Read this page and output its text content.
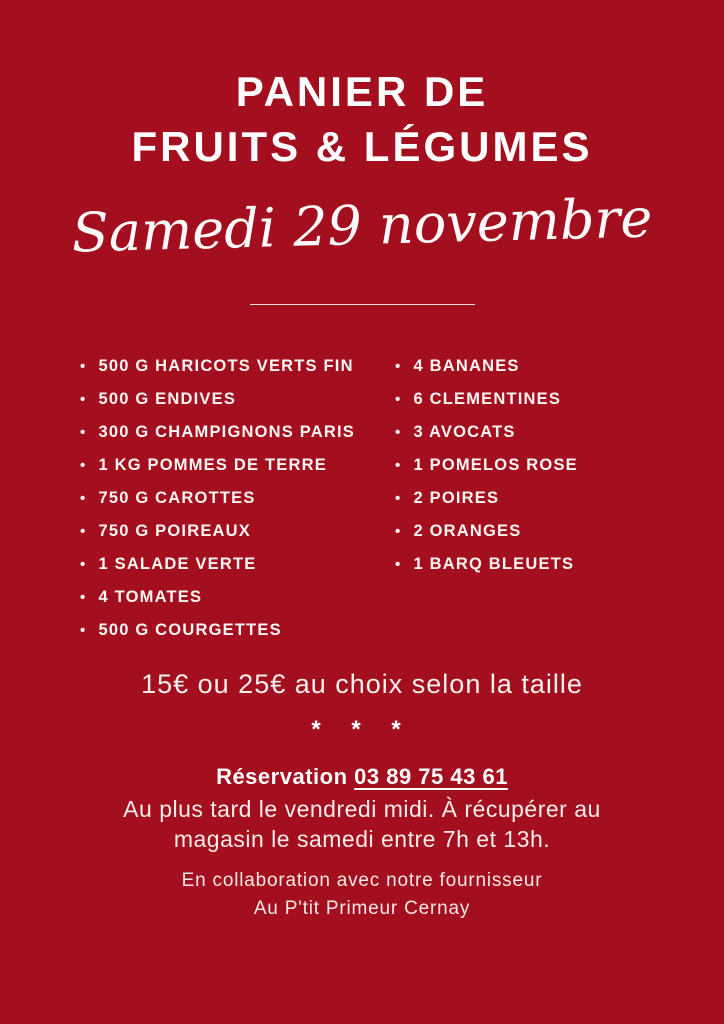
PANIER DE
FRUITS & LÉGUMES
Samedi 29 novembre
• 500 G HARICOTS VERTS FIN
• 500 G ENDIVES
• 300 G CHAMPIGNONS PARIS
• 1 KG POMMES DE TERRE
• 750 G CAROTTES
• 750 G POIREAUX
• 1 SALADE VERTE
• 4 TOMATES
• 500 G COURGETTES
• 4 BANANES
• 6 CLEMENTINES
• 3 AVOCATS
• 1 POMELOS ROSE
• 2 POIRES
• 2 ORANGES
• 1 BARQ BLEUETS
15€ ou 25€ au choix selon la taille
* * *
Réservation 03 89 75 43 61
Au plus tard le vendredi midi. À récupérer au
magasin le samedi entre 7h et 13h.
En collaboration avec notre fournisseur
Au P'tit Primeur Cernay
